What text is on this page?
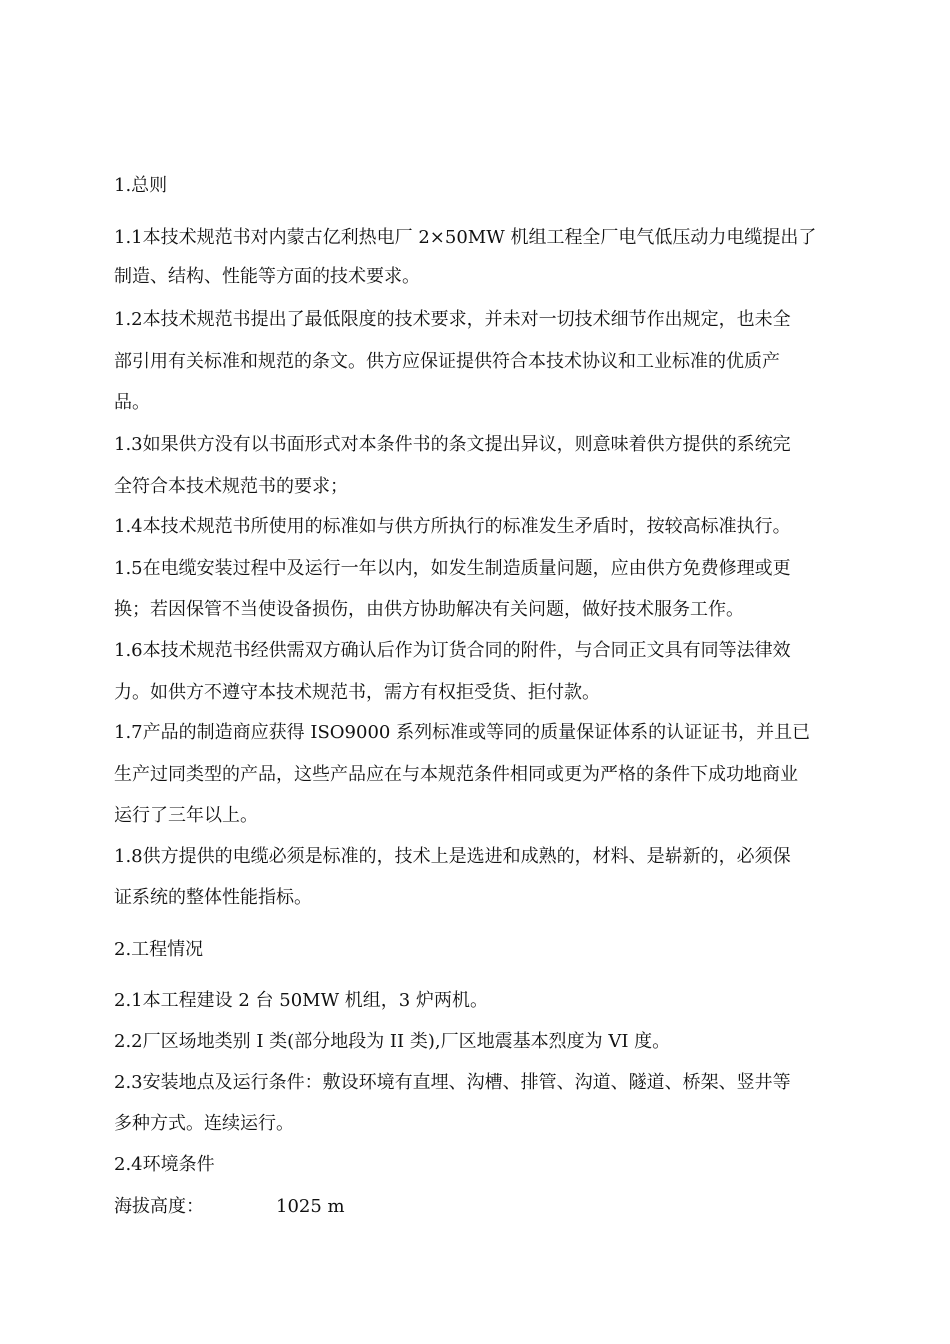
1.总则
1.1本技术规范书对内蒙古亿利热电厂 2×50MW 机组工程全厂电气低压动力电缆提出了
制造、结构、性能等方面的技术要求。
1.2本技术规范书提出了最低限度的技术要求，并未对一切技术细节作出规定，也未全
部引用有关标准和规范的条文。供方应保证提供符合本技术协议和工业标准的优质产
品。
1.3如果供方没有以书面形式对本条件书的条文提出异议，则意味着供方提供的系统完
全符合本技术规范书的要求；
1.4本技术规范书所使用的标准如与供方所执行的标准发生矛盾时，按较高标准执行。
1.5在电缆安装过程中及运行一年以内，如发生制造质量问题，应由供方免费修理或更
换；若因保管不当使设备损伤，由供方协助解决有关问题，做好技术服务工作。
1.6本技术规范书经供需双方确认后作为订货合同的附件，与合同正文具有同等法律效
力。如供方不遵守本技术规范书，需方有权拒受货、拒付款。
1.7产品的制造商应获得 ISO9000 系列标准或等同的质量保证体系的认证证书，并且已
生产过同类型的产品，这些产品应在与本规范条件相同或更为严格的条件下成功地商业
运行了三年以上。
1.8供方提供的电缆必须是标准的，技术上是选进和成熟的，材料、是崭新的，必须保
证系统的整体性能指标。
2.工程情况
2.1本工程建设 2 台 50MW 机组，3 炉两机。
2.2厂区场地类别 I 类(部分地段为 II 类),厂区地震基本烈度为 VI 度。
2.3安装地点及运行条件：敷设环境有直埋、沟槽、排管、沟道、隧道、桥架、竖井等
多种方式。连续运行。
2.4环境条件
海拔高度：	1025 m
